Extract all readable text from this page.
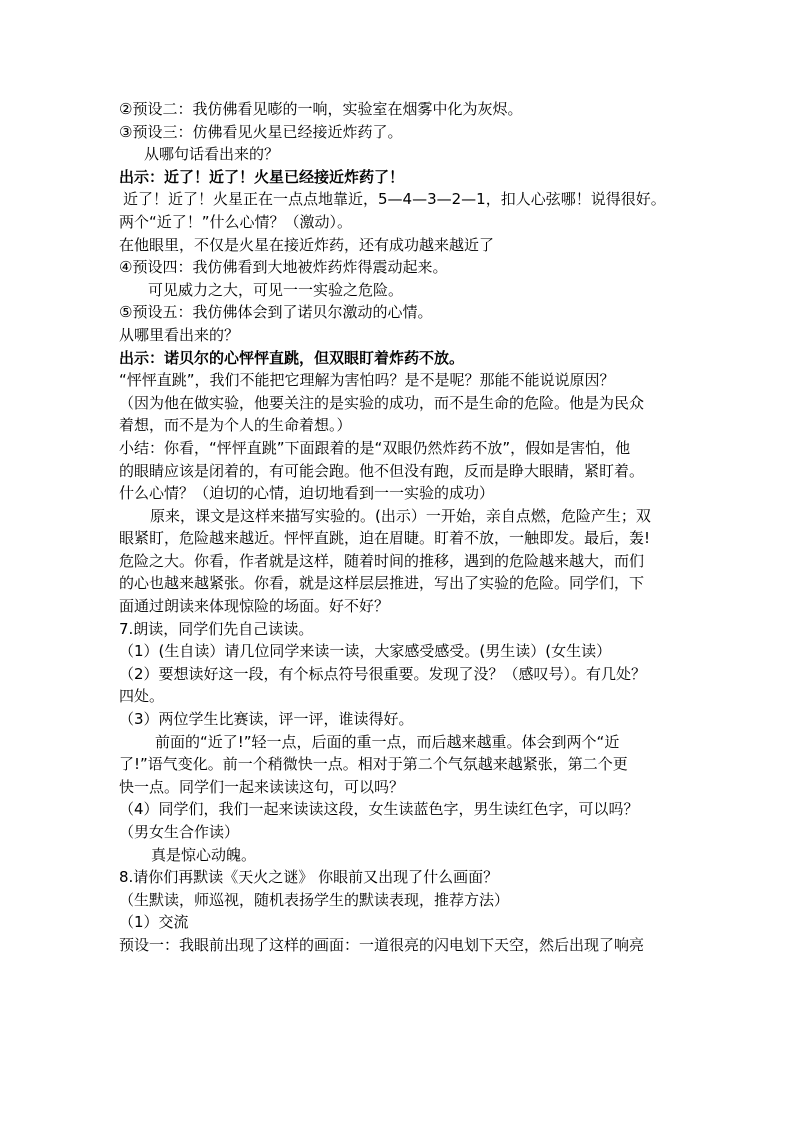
②预设二：我仿佛看见嘭的一响，实验室在烟雾中化为灰烬。
③预设三：仿佛看见火星已经接近炸药了。
从哪句话看出来的？
出示：近了！近了！火星已经接近炸药了！
近了！近了！火星正在一点点地靠近，5—4—3—2—1，扣人心弦哪！说得很好。
两个“近了！”什么心情？（激动）。
在他眼里，不仅是火星在接近炸药，还有成功越来越近了
④预设四：我仿佛看到大地被炸药炸得震动起来。
可见威力之大，可见一一实验之危险。
⑤预设五：我仿佛体会到了诺贝尔激动的心情。
从哪里看出来的？
出示：诺贝尔的心怦怦直跳，但双眼盯着炸药不放。
“怦怦直跳”，我们不能把它理解为害怕吗？是不是呢？那能不能说说原因？
（因为他在做实验，他要关注的是实验的成功，而不是生命的危险。他是为民众
着想，而不是为个人的生命着想。）
小结：你看，“怦怦直跳”下面跟着的是“双眼仍然炸药不放”，假如是害怕，他
的眼睛应该是闭着的，有可能会跑。他不但没有跑，反而是睁大眼睛，紧盯着。
什么心情？（迫切的心情，迫切地看到一一实验的成功）
原来，课文是这样来描写实验的。(出示）一开始，亲自点燃，危险产生；双
眼紧盯，危险越来越近。怦怦直跳，迫在眉睫。盯着不放，一触即发。最后，轰!
危险之大。你看，作者就是这样，随着时间的推移，遇到的危险越来越大，而们
的心也越来越紧张。你看，就是这样层层推进，写出了实验的危险。同学们，下
面通过朗读来体现惊险的场面。好不好？
7.朗读，同学们先自己读读。
（1）(生自读）请几位同学来读一读，大家感受感受。(男生读）(女生读）
（2）要想读好这一段，有个标点符号很重要。发现了没？（感叹号）。有几处？
四处。
（3）两位学生比赛读，评一评，谁读得好。
前面的“近了!”轻一点，后面的重一点，而后越来越重。体会到两个“近
了!”语气变化。前一个稍微快一点。相对于第二个气氛越来越紧张，第二个更
快一点。同学们一起来读读这句，可以吗？
（4）同学们，我们一起来读读这段，女生读蓝色字，男生读红色字，可以吗？
（男女生合作读）
真是惊心动魄。
8.请你们再默读《天火之谜》 你眼前又出现了什么画面？
（生默读，师巡视，随机表扬学生的默读表现，推荐方法）
（1）交流
预设一：我眼前出现了这样的画面：一道很亮的闪电划下天空，然后出现了响亮
